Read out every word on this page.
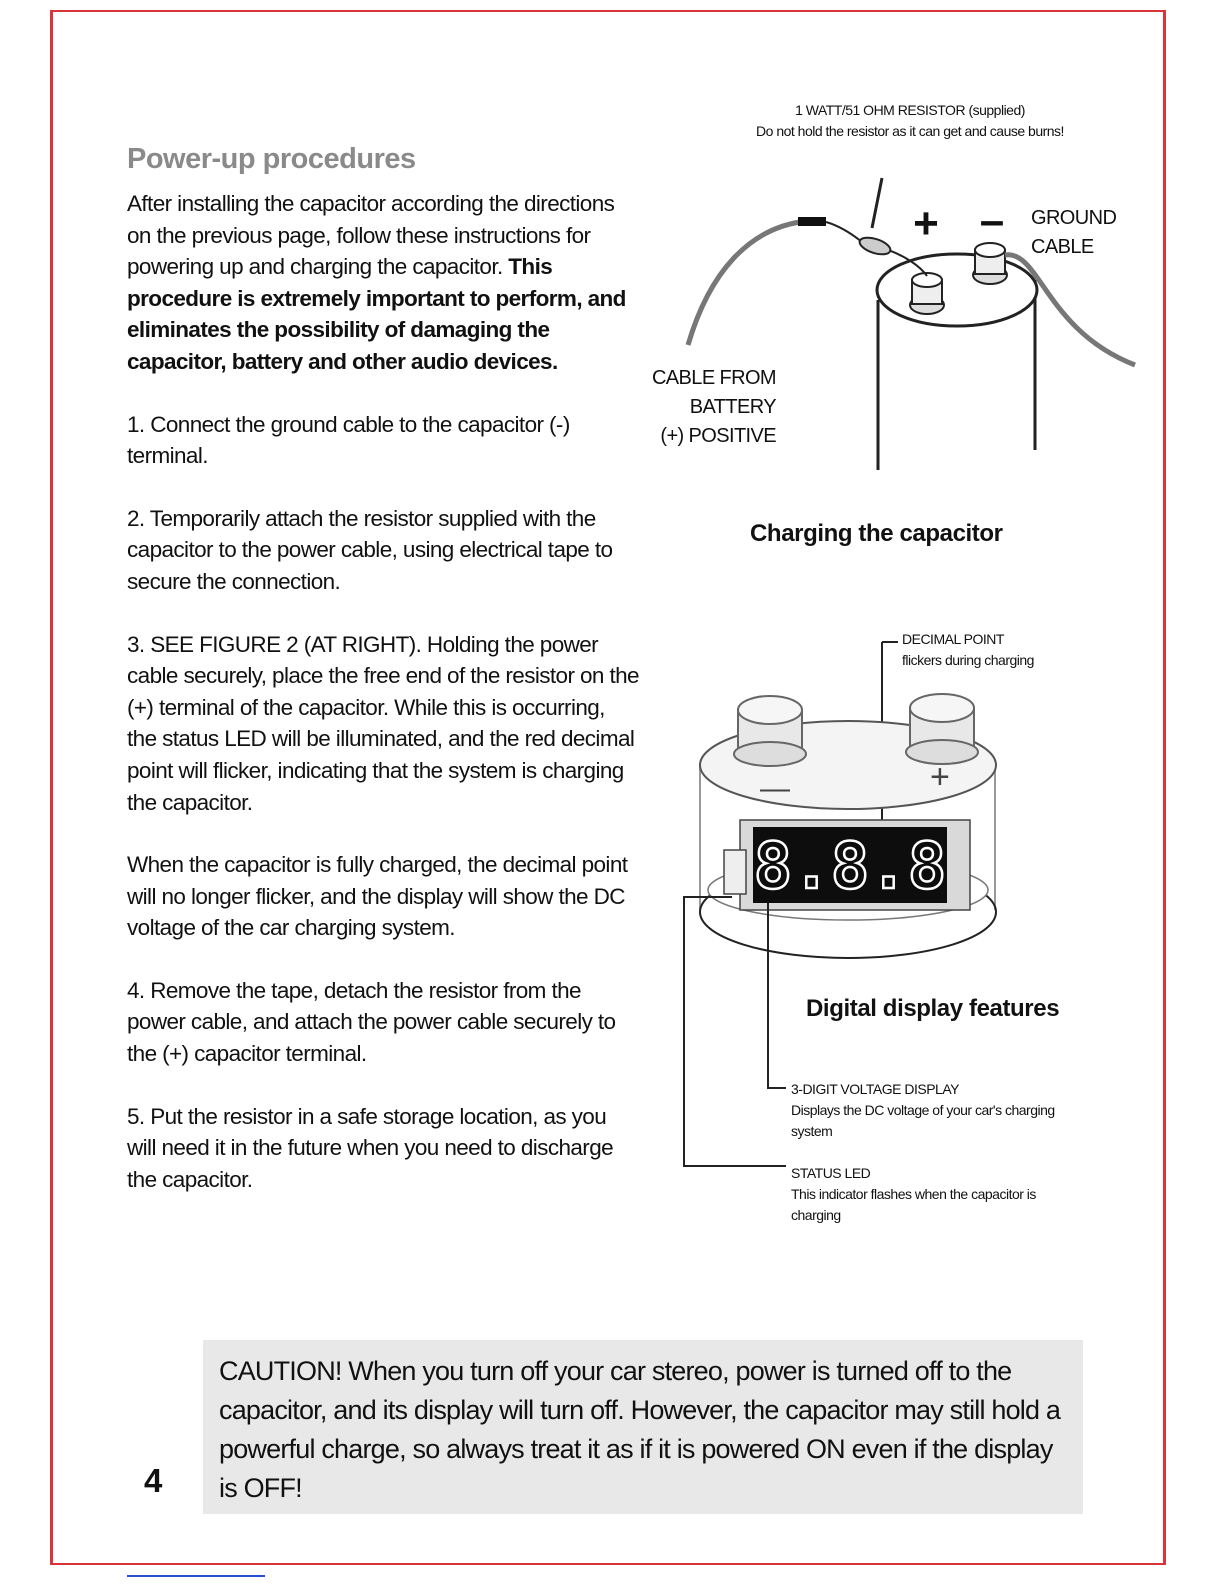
Power-up procedures

After installing the capacitor according the directions on the previous page, follow these instructions for powering up and charging the capacitor. This procedure is extremely important to perform, and eliminates the possibility of damaging the capacitor, battery and other audio devices.

1. Connect the ground cable to the capacitor (-) terminal.

2. Temporarily attach the resistor supplied with the capacitor to the power cable, using electrical tape to secure the connection.

3. SEE FIGURE 2 (AT RIGHT). Holding the power cable securely, place the free end of the resistor on the (+) terminal of the capacitor. While this is occurring, the status LED will be illuminated, and the red decimal point will flicker, indicating that the system is charging the capacitor.

When the capacitor is fully charged, the decimal point will no longer flicker, and the display will show the DC voltage of the car charging system.

4. Remove the tape, detach the resistor from the power cable, and attach the power cable securely to the (+) capacitor terminal.

5. Put the resistor in a safe storage location, as you will need it in the future when you need to discharge the capacitor.

1 WATT/51 OHM RESISTOR (supplied)
Do not hold the resistor as it can get and cause burns!
+ – GROUND
CABLE
CABLE FROM
BATTERY
(+) POSITIVE
Charging the capacitor
—	+
8.8.8
DECIMAL POINT
flickers during charging
Digital display features
3-DIGIT VOLTAGE DISPLAY
Displays the DC voltage of your car's charging
system
STATUS LED
This indicator flashes when the capacitor is
charging
CAUTION! When you turn off your car stereo, power is turned off to the capacitor, and its display will turn off. However, the capacitor may still hold a powerful charge, so always treat it as if it is powered ON even if the display is OFF!
4
